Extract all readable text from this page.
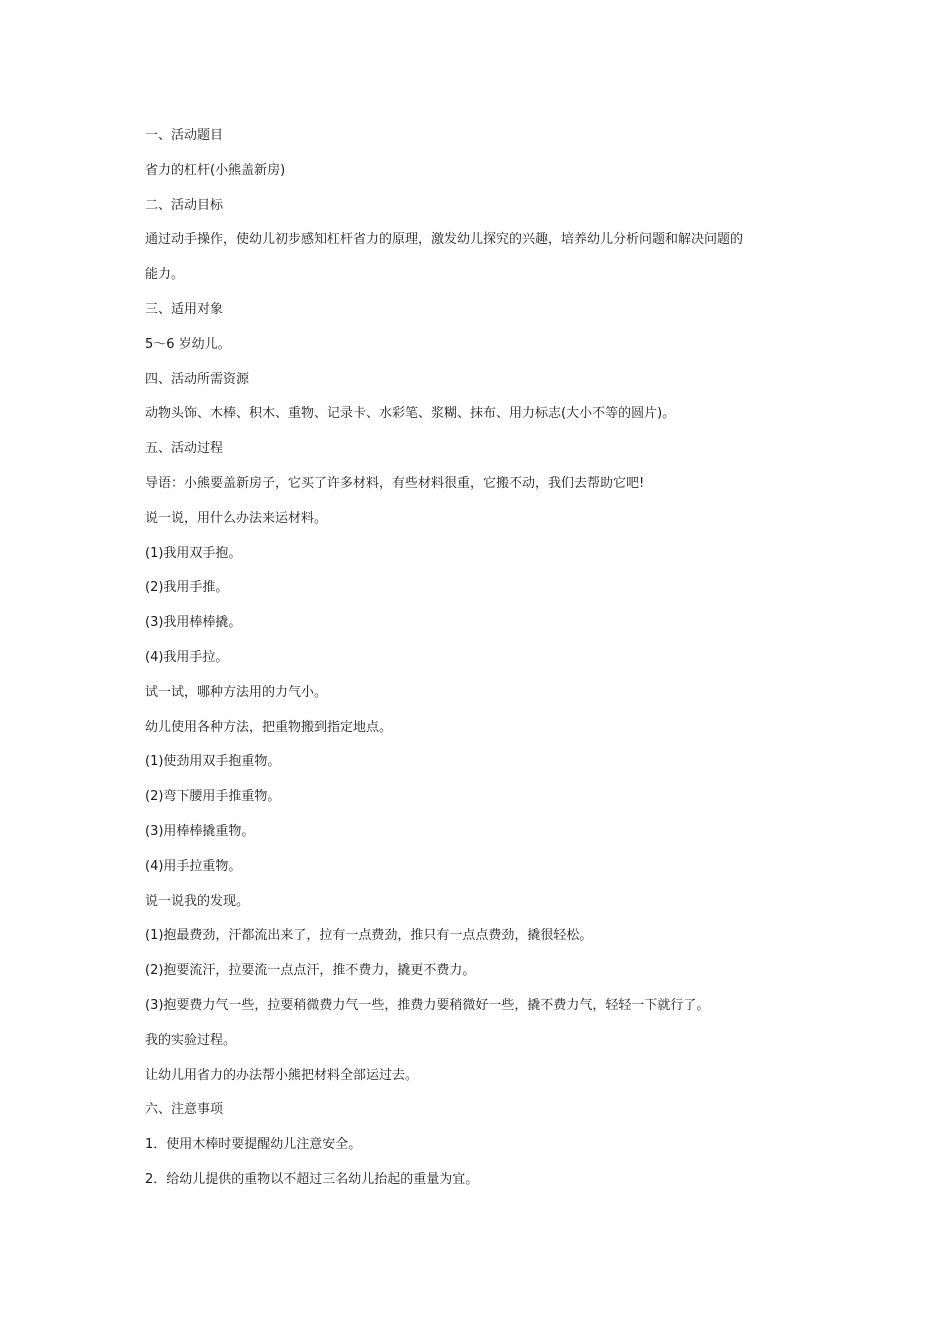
一、活动题目

省力的杠杆(小熊盖新房)

二、活动目标

通过动手操作，使幼儿初步感知杠杆省力的原理，激发幼儿探究的兴趣，培养幼儿分析问题和解决问题的

能力。

三、适用对象

5～6 岁幼儿。

四、活动所需资源

动物头饰、木棒、积木、重物、记录卡、水彩笔、浆糊、抹布、用力标志(大小不等的圆片)。

五、活动过程

导语：小熊要盖新房子，它买了许多材料，有些材料很重，它搬不动，我们去帮助它吧!

说一说，用什么办法来运材料。

(1)我用双手抱。

(2)我用手推。

(3)我用棒棒撬。

(4)我用手拉。

试一试，哪种方法用的力气小。

幼儿使用各种方法，把重物搬到指定地点。

(1)使劲用双手抱重物。

(2)弯下腰用手推重物。

(3)用棒棒撬重物。

(4)用手拉重物。

说一说我的发现。

(1)抱最费劲，汗都流出来了，拉有一点费劲，推只有一点点费劲，撬很轻松。

(2)抱要流汗，拉要流一点点汗，推不费力，撬更不费力。

(3)抱要费力气一些，拉要稍微费力气一些，推费力要稍微好一些，撬不费力气，轻轻一下就行了。

我的实验过程。

让幼儿用省力的办法帮小熊把材料全部运过去。

六、注意事项

1．使用木棒时要提醒幼儿注意安全。

2．给幼儿提供的重物以不超过三名幼儿抬起的重量为宜。
